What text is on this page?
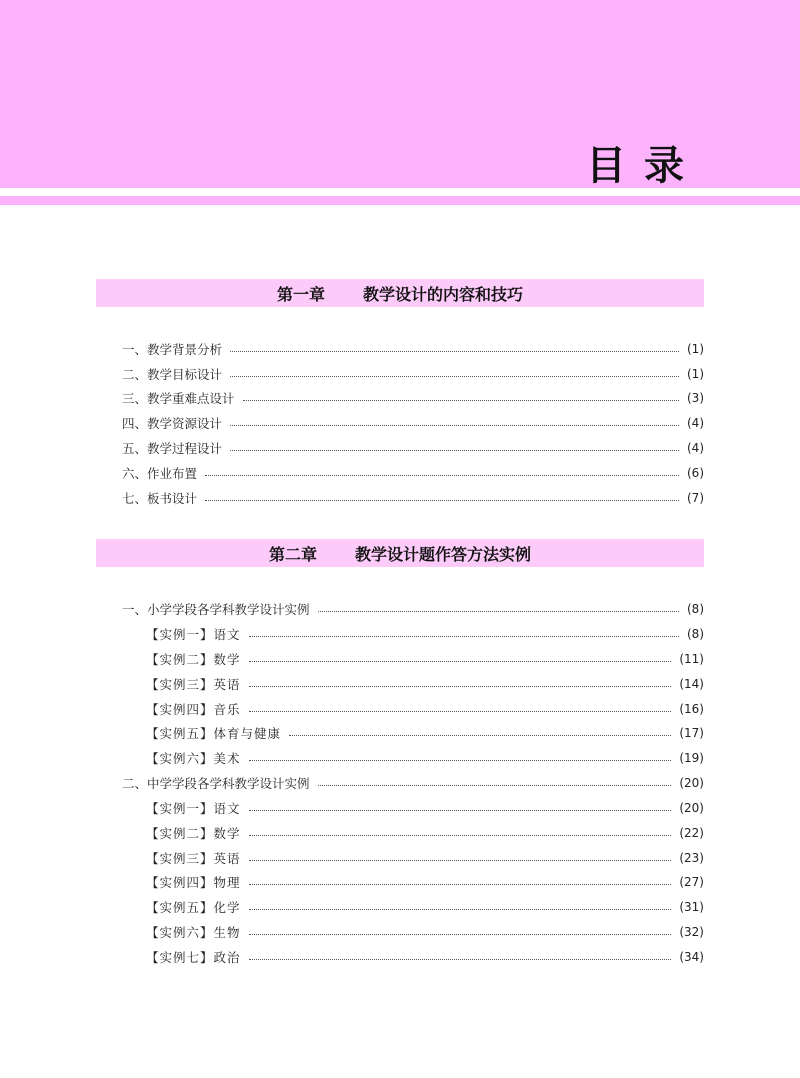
目录
第一章 教学设计的内容和技巧
一、教学背景分析	(1)
二、教学目标设计	(1)
三、教学重难点设计	(3)
四、教学资源设计	(4)
五、教学过程设计	(4)
六、作业布置	(6)
七、板书设计	(7)
第二章 教学设计题作答方法实例
一、小学学段各学科教学设计实例	(8)
【实例一】语文	(8)
【实例二】数学	(11)
【实例三】英语	(14)
【实例四】音乐	(16)
【实例五】体育与健康	(17)
【实例六】美术	(19)
二、中学学段各学科教学设计实例	(20)
【实例一】语文	(20)
【实例二】数学	(22)
【实例三】英语	(23)
【实例四】物理	(27)
【实例五】化学	(31)
【实例六】生物	(32)
【实例七】政治	(34)
